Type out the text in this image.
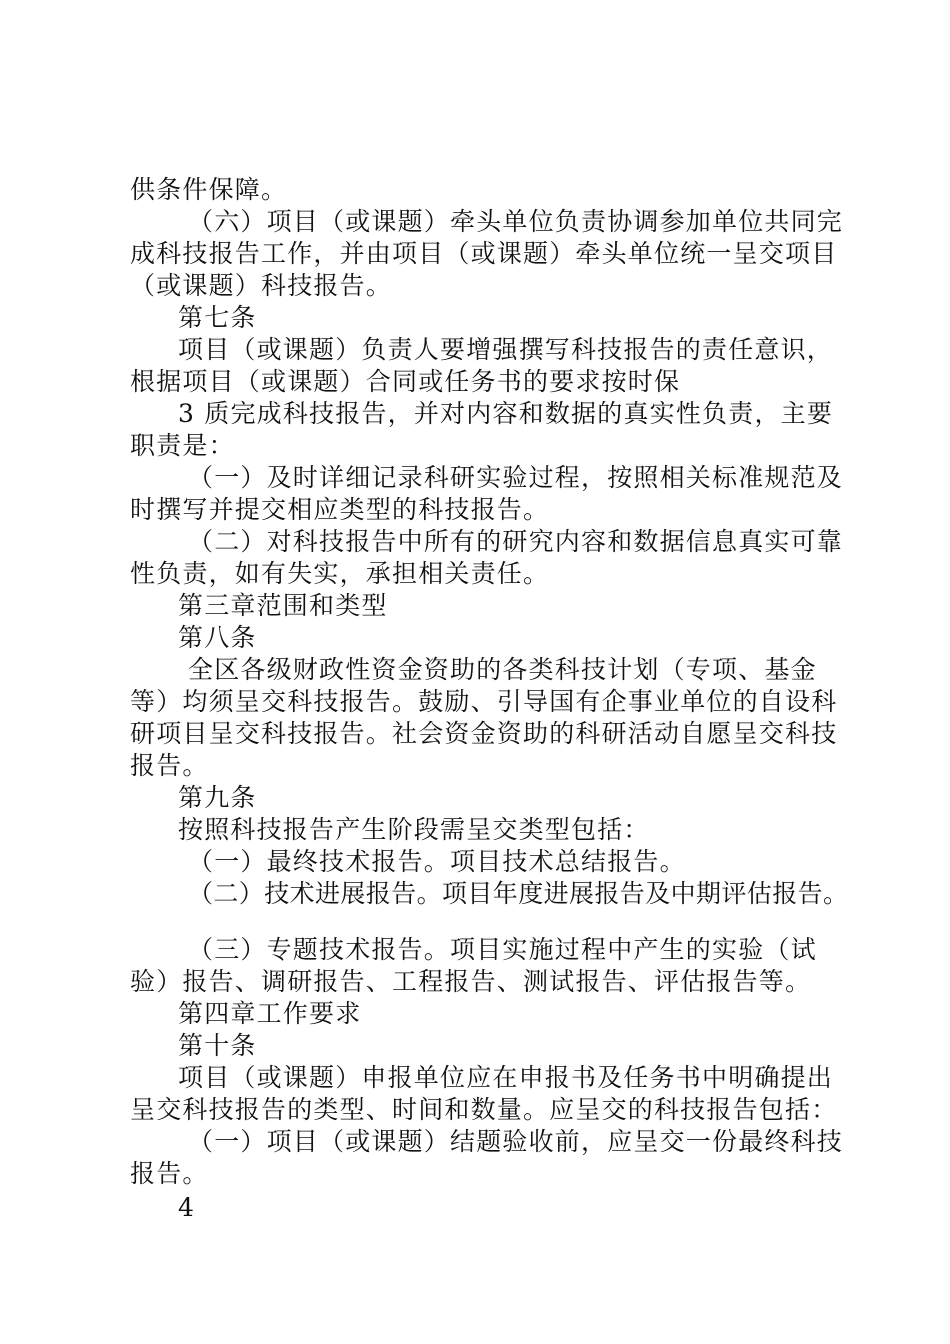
供条件保障。
（六）项目（或课题）牵头单位负责协调参加单位共同完
成科技报告工作，并由项目（或课题）牵头单位统一呈交项目
（或课题）科技报告。
第七条
项目（或课题）负责人要增强撰写科技报告的责任意识，
根据项目（或课题）合同或任务书的要求按时保
3 质完成科技报告，并对内容和数据的真实性负责，主要
职责是：
（一）及时详细记录科研实验过程，按照相关标准规范及
时撰写并提交相应类型的科技报告。
（二）对科技报告中所有的研究内容和数据信息真实可靠
性负责，如有失实，承担相关责任。
第三章范围和类型
第八条
全区各级财政性资金资助的各类科技计划（专项、基金
等）均须呈交科技报告。鼓励、引导国有企事业单位的自设科
研项目呈交科技报告。社会资金资助的科研活动自愿呈交科技
报告。
第九条
按照科技报告产生阶段需呈交类型包括：
（一）最终技术报告。项目技术总结报告。
（二）技术进展报告。项目年度进展报告及中期评估报告。
（三）专题技术报告。项目实施过程中产生的实验（试
验）报告、调研报告、工程报告、测试报告、评估报告等。
第四章工作要求
第十条
项目（或课题）申报单位应在申报书及任务书中明确提出
呈交科技报告的类型、时间和数量。应呈交的科技报告包括：
（一）项目（或课题）结题验收前，应呈交一份最终科技
报告。
4
